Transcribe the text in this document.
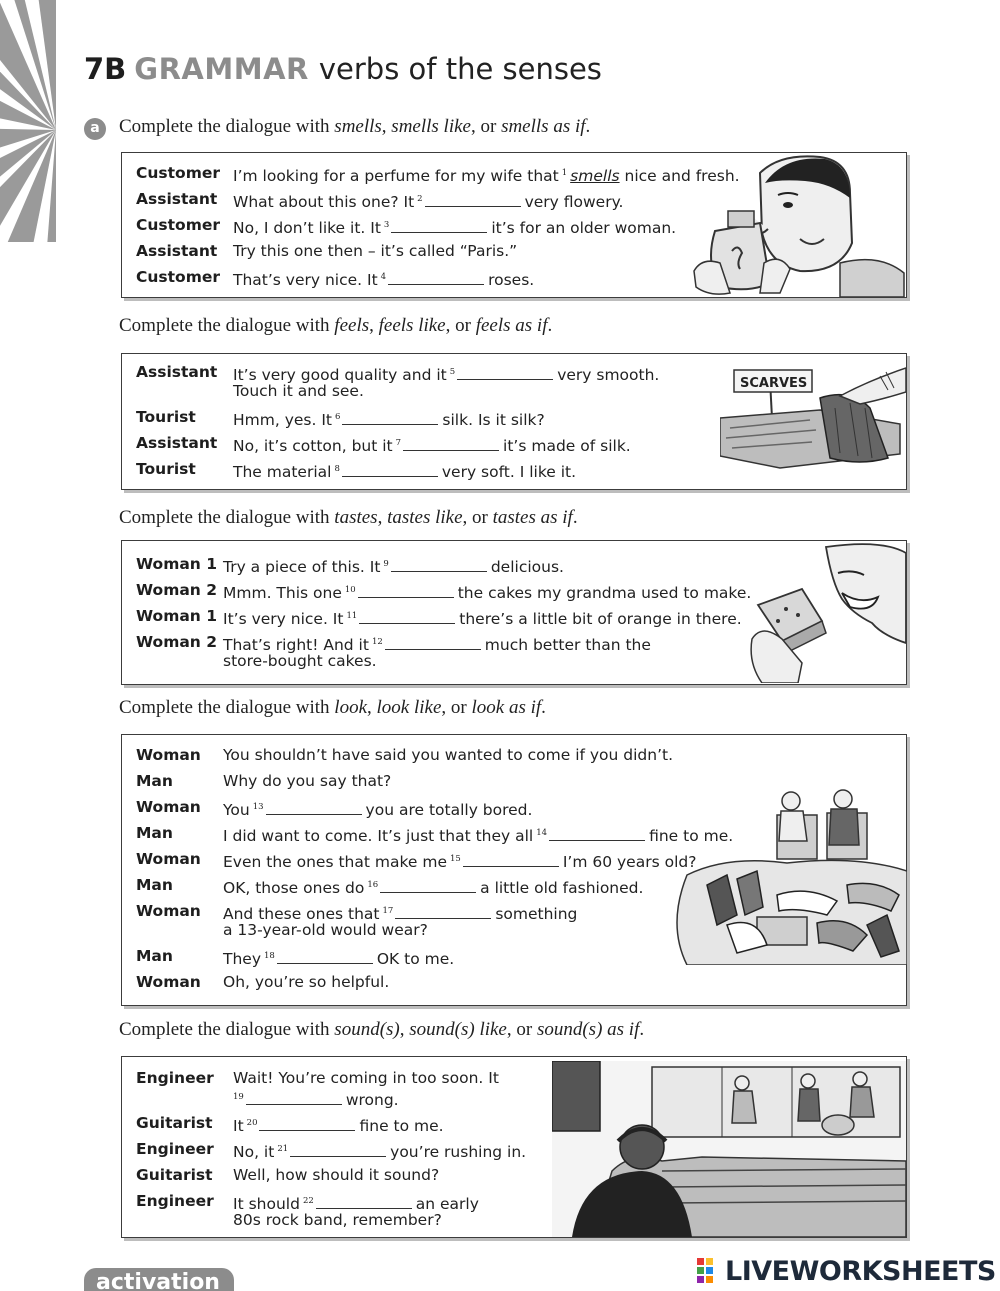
7B GRAMMAR verbs of the senses
a	Complete the dialogue with smells, smells like, or smells as if.
Customer I’m looking for a perfume for my wife that $^1$ smells nice and fresh.
Assistant What about this one? It $^2$	very flowery.
Customer No, I don’t like it. It $^3$	it’s for an older woman.
Assistant Try this one then – it’s called “Paris.”
Customer That’s very nice. It $^4$	roses.
Complete the dialogue with feels, feels like, or feels as if.
Assistant It’s very good quality and it $^5$	very smooth.
Touch it and see.
Tourist Hmm, yes. It $^6$	silk. Is it silk?
Assistant No, it’s cotton, but it $^7$	it’s made of silk.
Tourist The material $^8$	very soft. I like it.
SCARVES
Complete the dialogue with tastes, tastes like, or tastes as if.
Woman 1 Try a piece of this. It $^9$	delicious.
Woman 2 Mmm. This one $^{10}$	the cakes my grandma used to make.
Woman 1 It’s very nice. It $^{11}$	there’s a little bit of orange in there.
Woman 2 That’s right! And it $^{12}$	much better than the
store-bought cakes.
Complete the dialogue with look, look like, or look as if.
Woman You shouldn’t have said you wanted to come if you didn’t.
Man	Why do you say that?
Woman You $^{13}$	you are totally bored.
Man	I did want to come. It’s just that they all $^{14}$	fine to me.
Woman Even the ones that make me $^{15}$	I’m 60 years old?
Man	OK, those ones do $^{16}$	a little old fashioned.
Woman And these ones that $^{17}$	something
a 13-year-old would wear?
Man	They $^{18}$	OK to me.
Woman Oh, you’re so helpful.
Complete the dialogue with sound(s), sound(s) like, or sound(s) as if.
Engineer Wait! You’re coming in too soon. It
$^{19}$	wrong.
Guitarist It $^{20}$	fine to me.
Engineer No, it $^{21}$	you’re rushing in.
Guitarist Well, how should it sound?
Engineer It should $^{22}$	an early
80s rock band, remember?
activation	LIVEWORKSHEETS
